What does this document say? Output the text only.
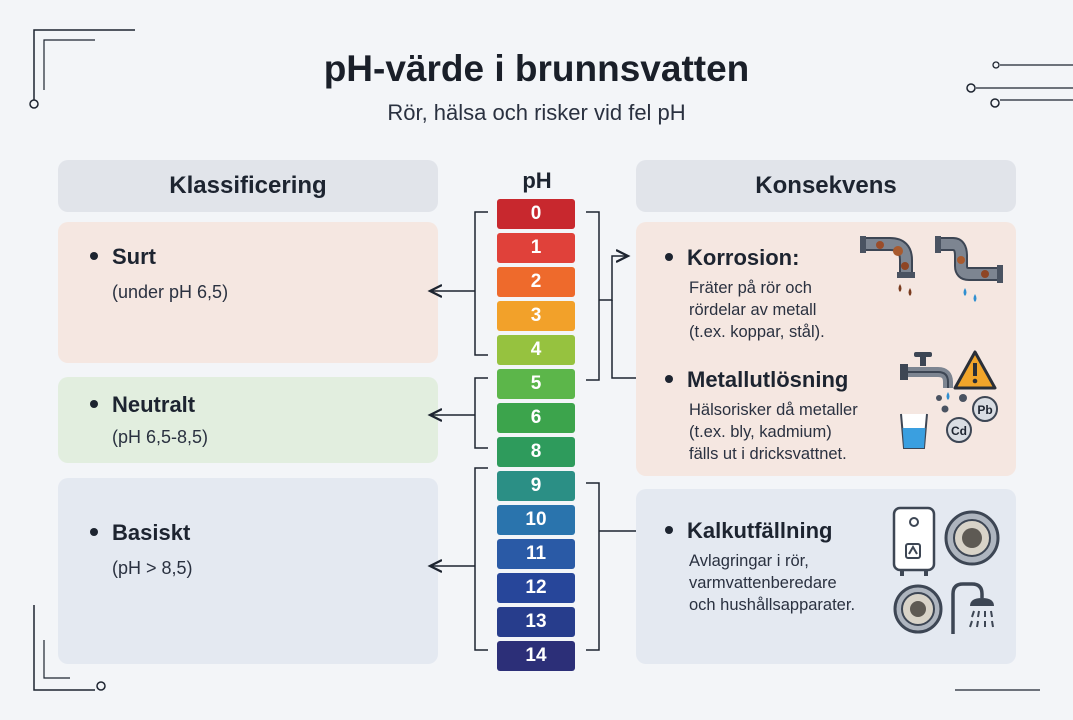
pH-värde i brunnsvatten
Rör, hälsa och risker vid fel pH
Klassificering	pH	Konsekvens
Surt
(under pH 6,5)
Neutralt
(pH 6,5-8,5)
Basiskt
(pH > 8,5)
0
1
2
3
4
5
6
8
9
10
11
12
13
14
Korrosion:
Fräter på rör och
rördelar av metall
(t.ex. koppar, stål).
Metallutlösning
Hälsorisker då metaller
(t.ex. bly, kadmium)
fälls ut i dricksvattnet.
Kalkutfällning
Avlagringar i rör,
varmvattenberedare
och hushållsapparater.
Pb
Cd
